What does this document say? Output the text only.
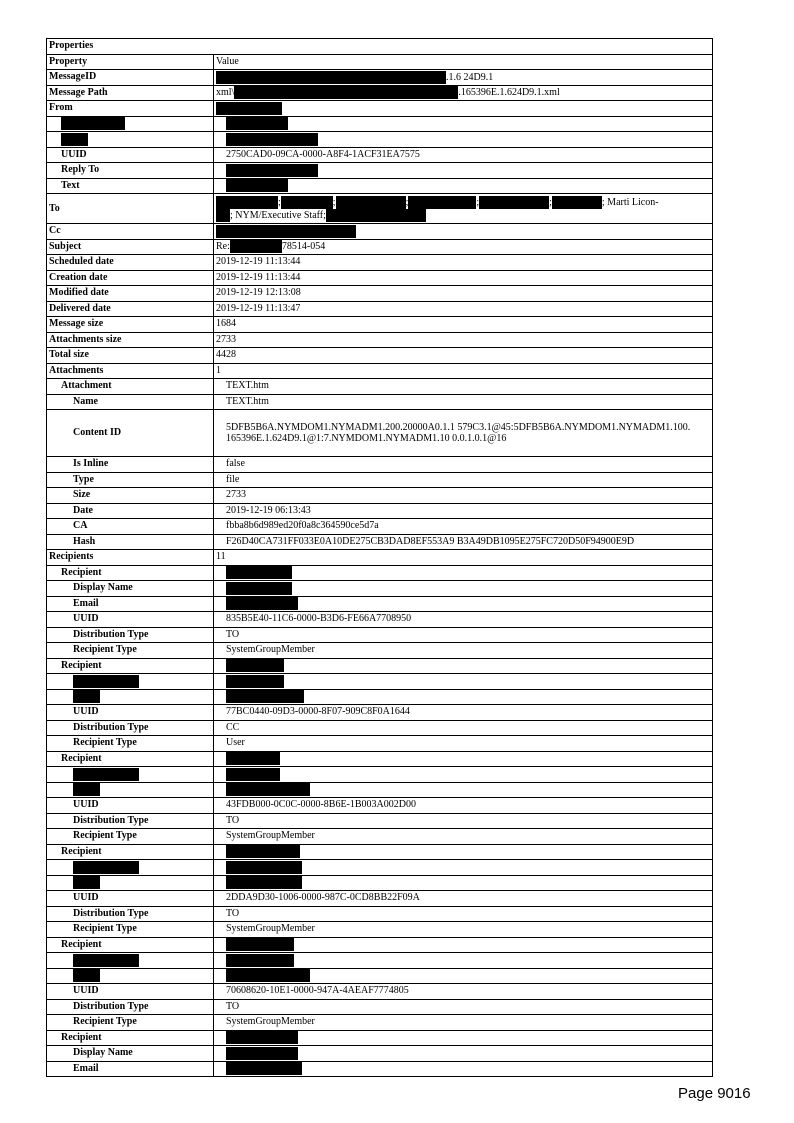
Properties	
Property	Value
MessageID	.1.6 24D9.1
Message Path	xml\ .165396E.1.624D9.1.xml
From	

UUID	2750CAD0-09CA-0000-A8F4-1ACF31EA7575
Reply To	
Text	
To	; ; ; ; ; ; Marti Licon-
; NYM/Executive Staff;

Cc	
Subject	Re: 78514-054
Scheduled date	2019-12-19 11:13:44
Creation date	2019-12-19 11:13:44
Modified date	2019-12-19 12:13:08
Delivered date	2019-12-19 11:13:47
Message size	1684
Attachments size	2733
Total size	4428
Attachments	1
Attachment	TEXT.htm
Name	TEXT.htm
Content ID	5DFB5B6A.NYMDOM1.NYMADM1.200.20000A0.1.1 579C3.1@45:5DFB5B6A.NYMDOM1.NYMADM1.100. 165396E.1.624D9.1@1:7.NYMDOM1.NYMADM1.10 0.0.1.0.1@16
Is Inline	false
Type	file
Size	2733
Date	2019-12-19 06:13:43
CA	fbba8b6d989ed20f0a8c364590ce5d7a
Hash	F26D40CA731FF033E0A10DE275CB3DAD8EF553A9 B3A49DB1095E275FC720D50F94900E9D
Recipients	11
Recipient	
Display Name	
Email	
UUID	835B5E40-11C6-0000-B3D6-FE66A7708950
Distribution Type	TO
Recipient Type	SystemGroupMember
Recipient	

UUID	77BC0440-09D3-0000-8F07-909C8F0A1644
Distribution Type	CC
Recipient Type	User
Recipient	

UUID	43FDB000-0C0C-0000-8B6E-1B003A002D00
Distribution Type	TO
Recipient Type	SystemGroupMember
Recipient	

UUID	2DDA9D30-1006-0000-987C-0CD8BB22F09A
Distribution Type	TO
Recipient Type	SystemGroupMember
Recipient	

UUID	70608620-10E1-0000-947A-4AEAF7774805
Distribution Type	TO
Recipient Type	SystemGroupMember
Recipient	
Display Name	
Email	
Page 9016
